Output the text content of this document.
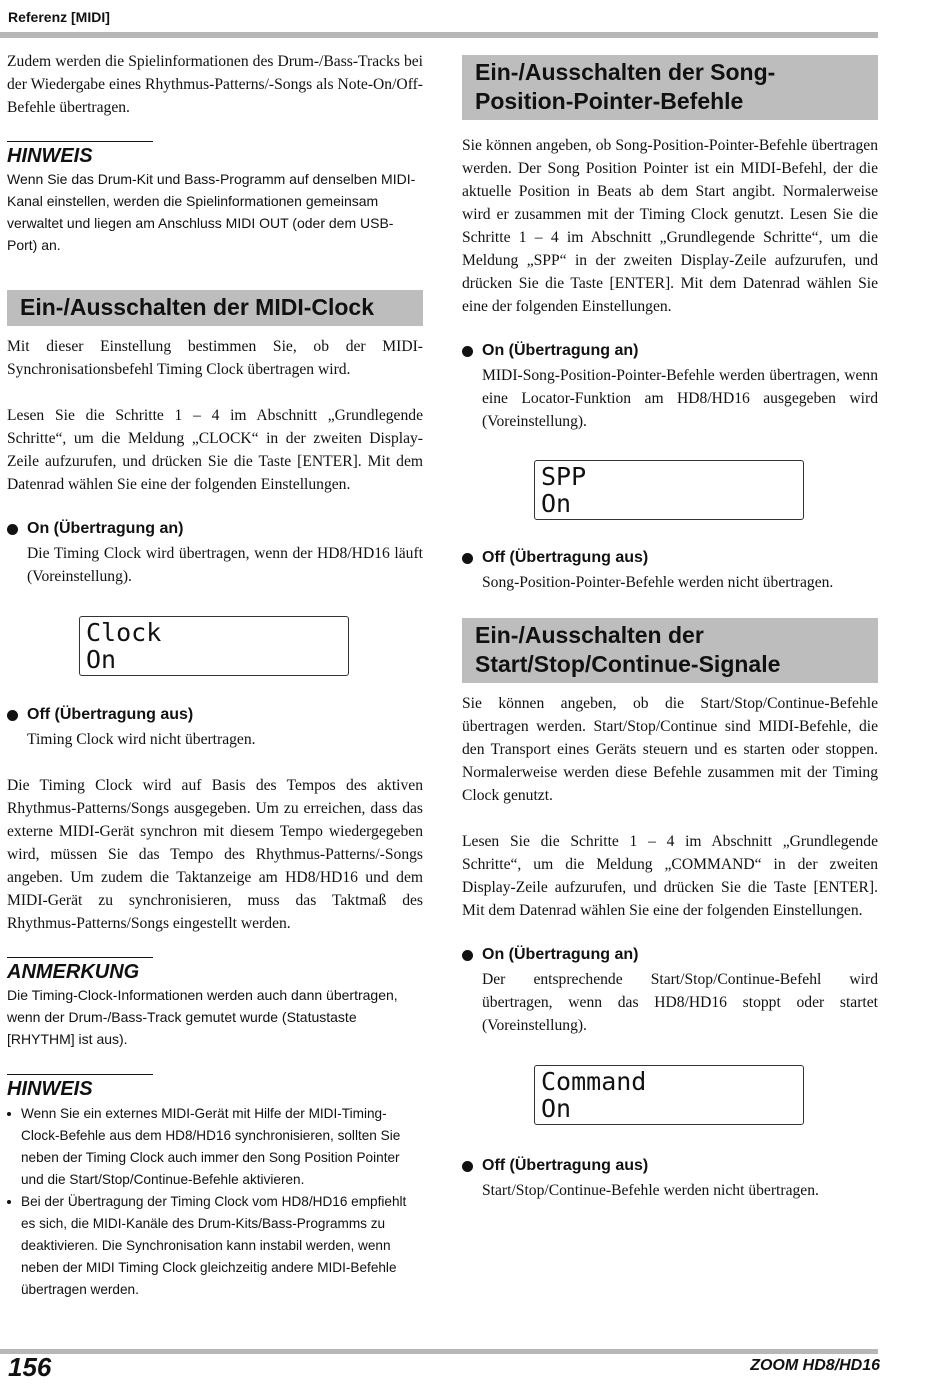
Referenz [MIDI]

Zudem werden die Spielinformationen des Drum-/Bass-Tracks bei der Wiedergabe eines Rhythmus-Patterns/-Songs als Note-On/Off-Befehle übertragen.

HINWEIS

Wenn Sie das Drum-Kit und Bass-Programm auf denselben MIDI-Kanal einstellen, werden die Spielinformationen gemeinsam verwaltet und liegen am Anschluss MIDI OUT (oder dem USB-Port) an.

Ein-/Ausschalten der MIDI-Clock

Mit dieser Einstellung bestimmen Sie, ob der MIDI-Synchronisationsbefehl Timing Clock übertragen wird.

Lesen Sie die Schritte 1 – 4 im Abschnitt „Grundlegende Schritte“, um die Meldung „CLOCK“ in der zweiten Display-Zeile aufzurufen, und drücken Sie die Taste [ENTER]. Mit dem Datenrad wählen Sie eine der folgenden Einstellungen.

On (Übertragung an)

Die Timing Clock wird übertragen, wenn der HD8/HD16 läuft (Voreinstellung).

Clock
On
Off (Übertragung aus)

Timing Clock wird nicht übertragen.

Die Timing Clock wird auf Basis des Tempos des aktiven Rhythmus-Patterns/Songs ausgegeben. Um zu erreichen, dass das externe MIDI-Gerät synchron mit diesem Tempo wiedergegeben wird, müssen Sie das Tempo des Rhythmus-Patterns/-Songs angeben. Um zudem die Taktanzeige am HD8/HD16 und dem MIDI-Gerät zu synchronisieren, muss das Taktmaß des Rhythmus-Patterns/Songs eingestellt werden.

ANMERKUNG

Die Timing-Clock-Informationen werden auch dann übertragen, wenn der Drum-/Bass-Track gemutet wurde (Statustaste [RHYTHM] ist aus).

HINWEIS
Wenn Sie ein externes MIDI-Gerät mit Hilfe der MIDI-Timing-Clock-Befehle aus dem HD8/HD16 synchronisieren, sollten Sie neben der Timing Clock auch immer den Song Position Pointer und die Start/Stop/Continue-Befehle aktivieren.
Bei der Übertragung der Timing Clock vom HD8/HD16 empfiehlt es sich, die MIDI-Kanäle des Drum-Kits/Bass-Programms zu deaktivieren. Die Synchronisation kann instabil werden, wenn neben der MIDI Timing Clock gleichzeitig andere MIDI-Befehle übertragen werden.
Ein-/Ausschalten der Song-Position-Pointer-Befehle

Sie können angeben, ob Song-Position-Pointer-Befehle übertragen werden. Der Song Position Pointer ist ein MIDI-Befehl, der die aktuelle Position in Beats ab dem Start angibt. Normalerweise wird er zusammen mit der Timing Clock genutzt. Lesen Sie die Schritte 1 – 4 im Abschnitt „Grundlegende Schritte“, um die Meldung „SPP“ in der zweiten Display-Zeile aufzurufen, und drücken Sie die Taste [ENTER]. Mit dem Datenrad wählen Sie eine der folgenden Einstellungen.

On (Übertragung an)

MIDI-Song-Position-Pointer-Befehle werden übertragen, wenn eine Locator-Funktion am HD8/HD16 ausgegeben wird (Voreinstellung).

SPP
On
Off (Übertragung aus)

Song-Position-Pointer-Befehle werden nicht übertragen.

Ein-/Ausschalten der Start/Stop/Continue-Signale

Sie können angeben, ob die Start/Stop/Continue-Befehle übertragen werden. Start/Stop/Continue sind MIDI-Befehle, die den Transport eines Geräts steuern und es starten oder stoppen. Normalerweise werden diese Befehle zusammen mit der Timing Clock genutzt.

Lesen Sie die Schritte 1 – 4 im Abschnitt „Grundlegende Schritte“, um die Meldung „COMMAND“ in der zweiten Display-Zeile aufzurufen, und drücken Sie die Taste [ENTER]. Mit dem Datenrad wählen Sie eine der folgenden Einstellungen.

On (Übertragung an)

Der entsprechende Start/Stop/Continue-Befehl wird übertragen, wenn das HD8/HD16 stoppt oder startet (Voreinstellung).

Command
On
Off (Übertragung aus)

Start/Stop/Continue-Befehle werden nicht übertragen.

156	ZOOM HD8/HD16
